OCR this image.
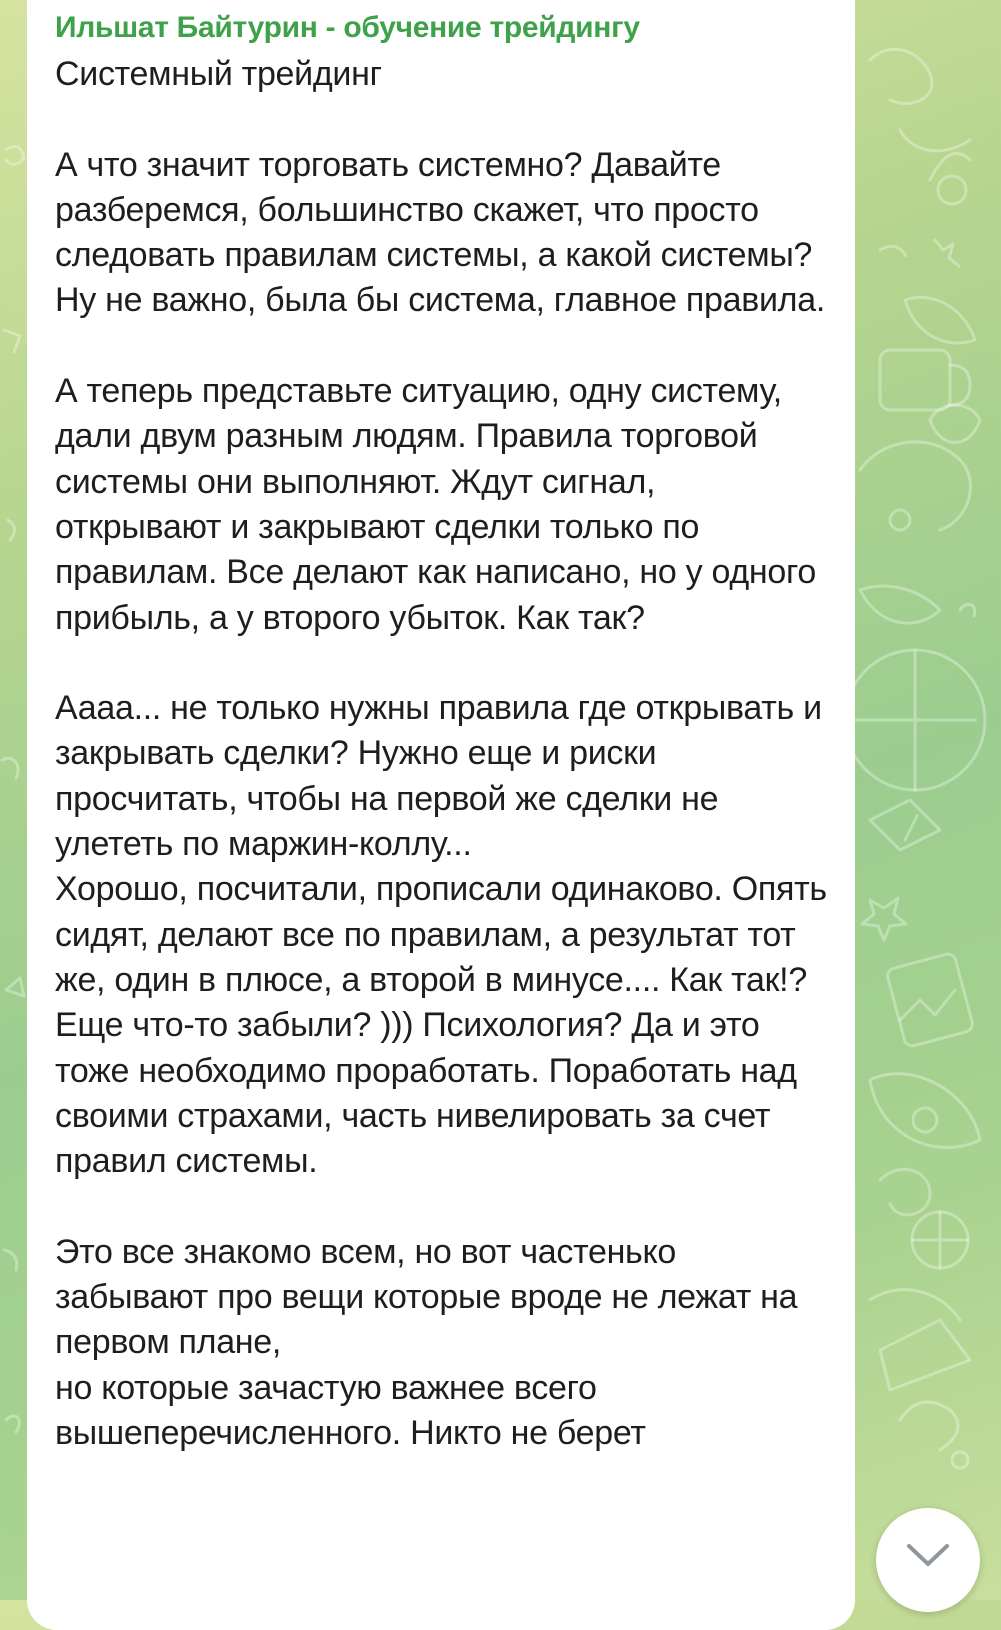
Ильшат Байтурин - обучение трейдингу
Системный трейдинг

А что значит торговать системно? Давайте разберемся, большинство скажет, что просто следовать правилам системы, а какой системы? Ну не важно, была бы система, главное правила.

А теперь представьте ситуацию, одну систему, дали двум разным людям. Правила торговой системы они выполняют. Ждут сигнал, открывают и закрывают сделки только по правилам. Все делают как написано, но у одного прибыль, а у второго убыток. Как так?

Аааа... не только нужны правила где открывать и закрывать сделки? Нужно еще и риски просчитать, чтобы на первой же сделки не улететь по маржин-коллу...
Хорошо, посчитали, прописали одинаково. Опять сидят, делают все по правилам, а результат тот же, один в плюсе, а второй в минусе.... Как так!?
Еще что-то забыли? ))) Психология? Да и это тоже необходимо проработать. Поработать над своими страхами, часть нивелировать за счет правил системы.

Это все знакомо всем, но вот частенько забывают про вещи которые вроде не лежат на первом плане,
но которые зачастую важнее всего вышеперечисленного. Никто не берет
